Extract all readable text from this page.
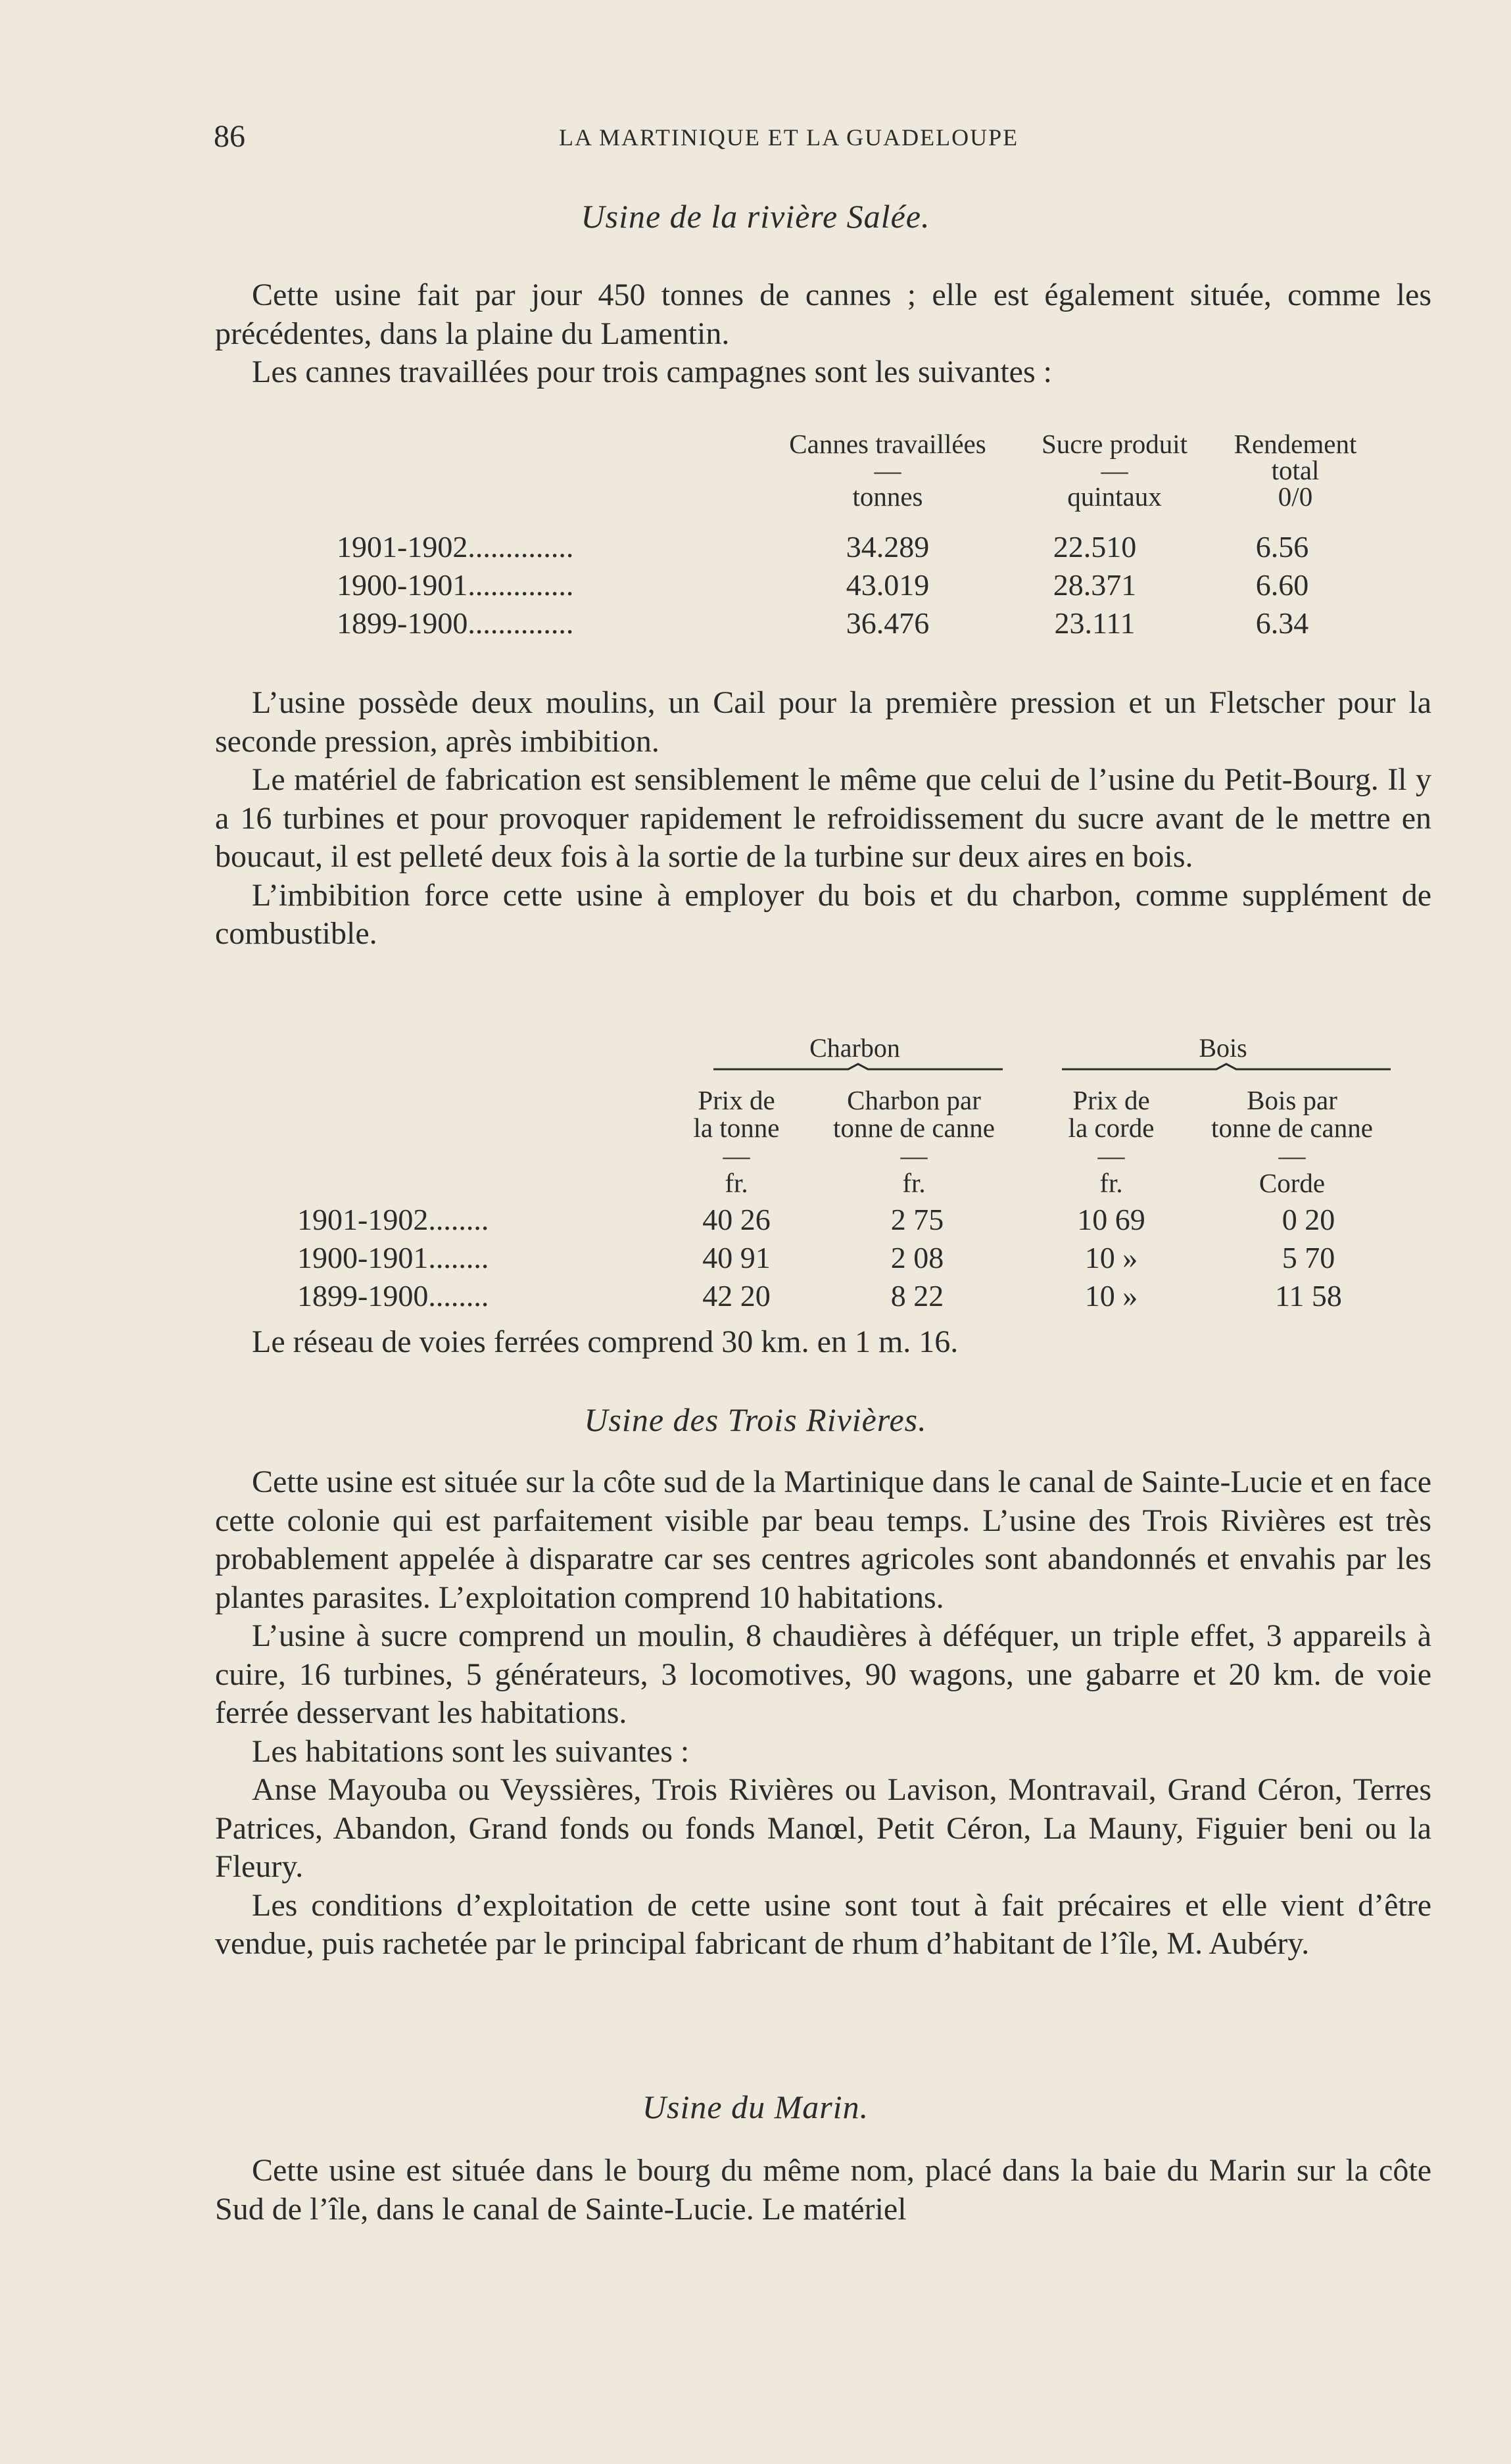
86	LA MARTINIQUE ET LA GUADELOUPE
Usine de la rivière Salée.

Cette usine fait par jour 450 tonnes de cannes ; elle est également située, comme les précédentes, dans la plaine du Lamentin.

Les cannes travaillées pour trois campagnes sont les suivantes :

Cannes travaillées
—
tonnes
Sucre produit
—
quintaux
Rendement
total
0/0
1901-1902..............	34.289	22.510	6.56
1900-1901..............	43.019	28.371	6.60
1899-1900..............	36.476	23.111	6.34

L’usine possède deux moulins, un Cail pour la première pression et un Fletscher pour la seconde pression, après imbibition.

Le matériel de fabrication est sensiblement le même que celui de l’usine du Petit-Bourg. Il y a 16 turbines et pour provoquer rapidement le refroidissement du sucre avant de le mettre en boucaut, il est pelleté deux fois à la sortie de la turbine sur deux aires en bois.

L’imbibition force cette usine à employer du bois et du charbon, comme supplément de combustible.

Charbon	Bois
Prix de
la tonne
—
fr.
Charbon par
tonne de canne
—
fr.
Prix de
la corde
—
fr.
Bois par
tonne de canne
—
Corde
1901-1902........	40 26	2 75	10 69	0 20
1900-1901........	40 91	2 08	10 »	5 70
1899-1900........	42 20	8 22	10 »	11 58

Le réseau de voies ferrées comprend 30 km. en 1 m. 16.

Usine des Trois Rivières.

Cette usine est située sur la côte sud de la Martinique dans le canal de Sainte-Lucie et en face cette colonie qui est parfaitement visible par beau temps. L’usine des Trois Rivières est très probablement appelée à disparatre car ses centres agricoles sont abandonnés et envahis par les plantes parasites. L’exploitation comprend 10 habitations.

L’usine à sucre comprend un moulin, 8 chaudières à déféquer, un triple effet, 3 appareils à cuire, 16 turbines, 5 générateurs, 3 locomotives, 90 wagons, une gabarre et 20 km. de voie ferrée desservant les habitations.

Les habitations sont les suivantes :

Anse Mayouba ou Veyssières, Trois Rivières ou Lavison, Montravail, Grand Céron, Terres Patrices, Abandon, Grand fonds ou fonds Manœl, Petit Céron, La Mauny, Figuier beni ou la Fleury.

Les conditions d’exploitation de cette usine sont tout à fait précaires et elle vient d’être vendue, puis rachetée par le principal fabricant de rhum d’habitant de l’île, M. Aubéry.

Usine du Marin.

Cette usine est située dans le bourg du même nom, placé dans la baie du Marin sur la côte Sud de l’île, dans le canal de Sainte-Lucie. Le matériel
